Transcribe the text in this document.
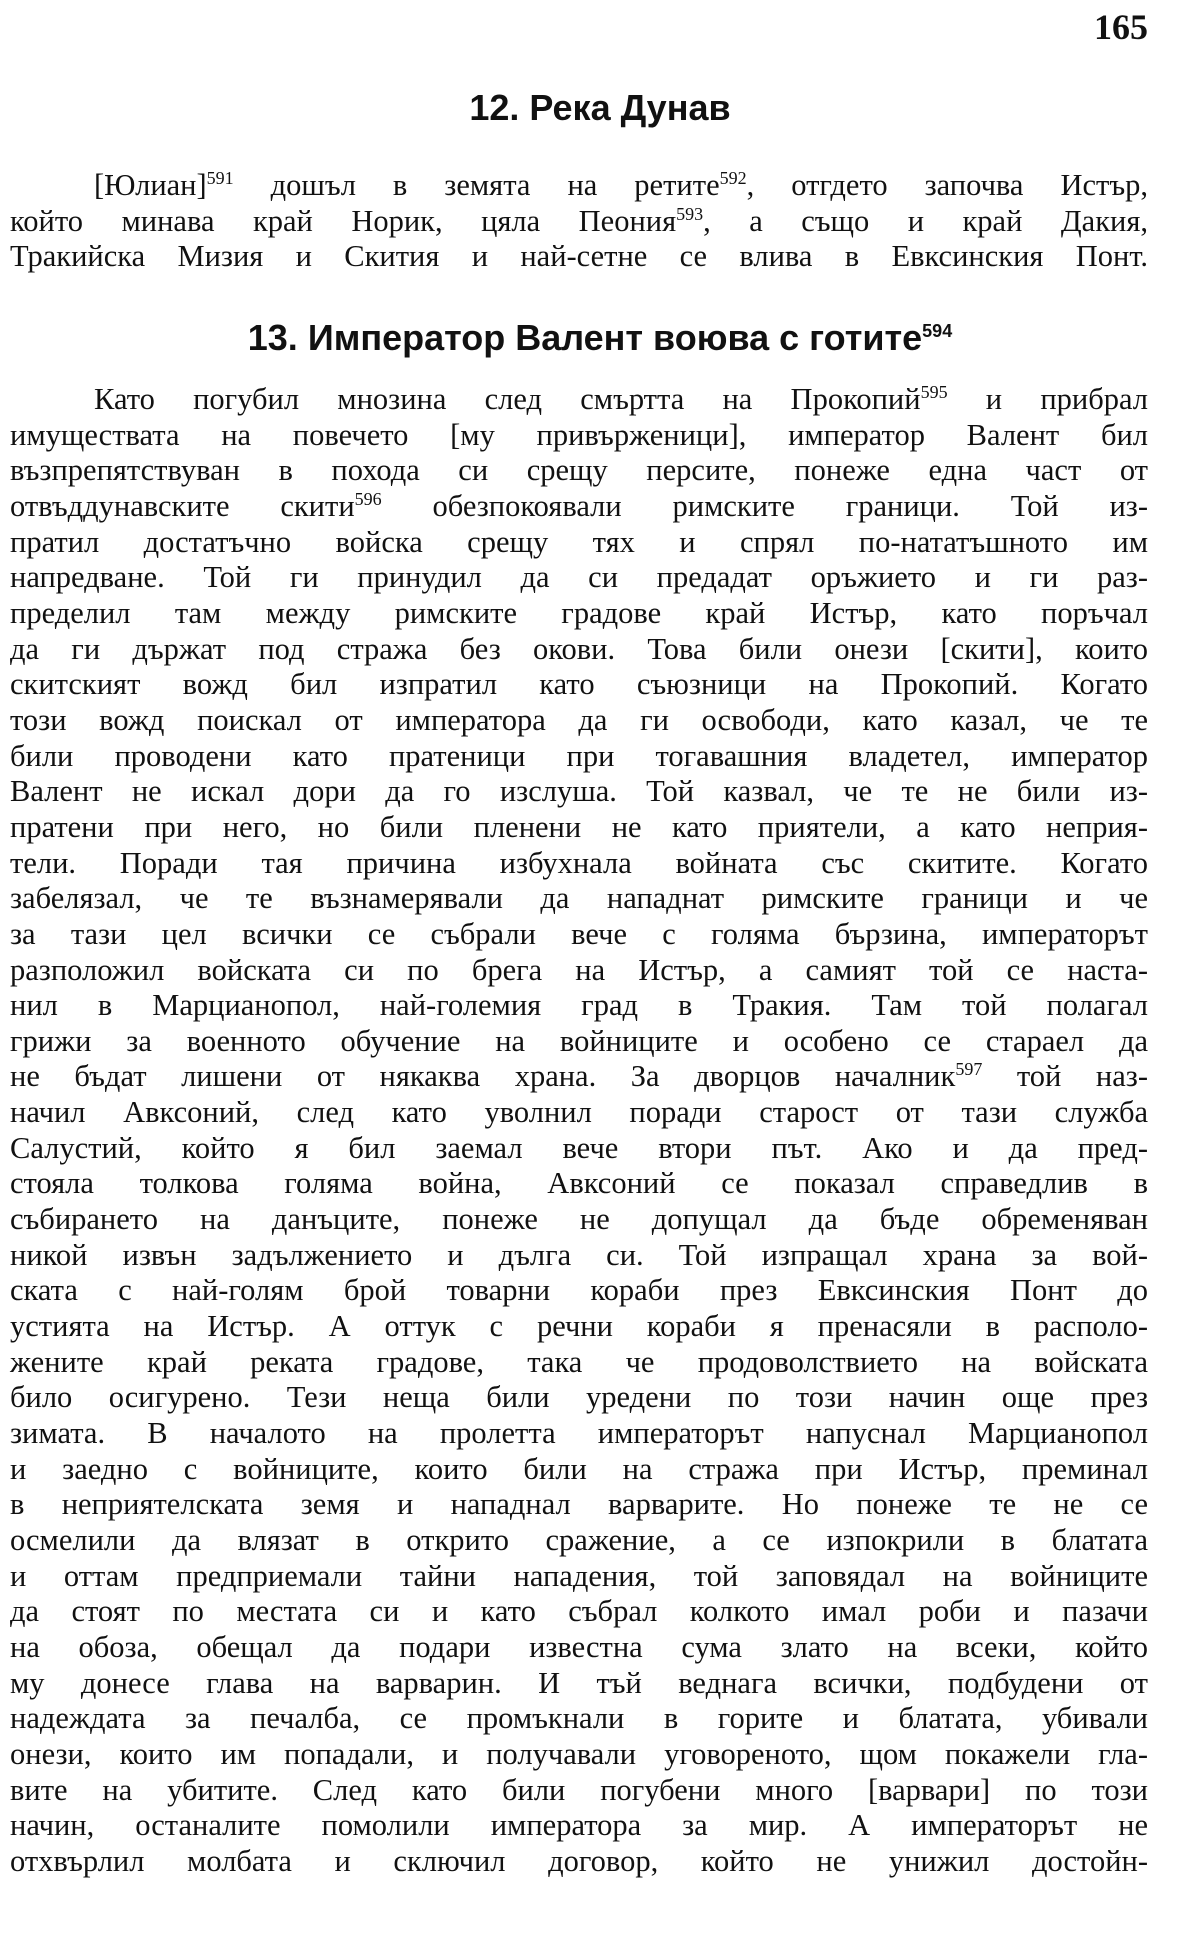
165
12. Река Дунав
[Юлиан]$^{591}$ дошъл в земята на ретите$^{592}$, отгдето започва Истър,
който минава край Норик, цяла Пеония$^{593}$, а също и край Дакия,
Тракийска Мизия и Скития и най-сетне се влива в Евксинския Понт.
13. Император Валент воюва с готите$^{594}$
Като погубил мнозина след смъртта на Прокопий$^{595}$ и прибрал
имуществата на повечето [му привърженици], император Валент бил
възпрепятствуван в похода си срещу персите, понеже една част от
отвъддунавските скити$^{596}$ обезпокоявали римските граници. Той из-
пратил достатъчно войска срещу тях и спрял по-нататъшното им
напредване. Той ги принудил да си предадат оръжието и ги раз-
пределил там между римските градове край Истър, като поръчал
да ги държат под стража без окови. Това били онези [скити], които
скитският вожд бил изпратил като съюзници на Прокопий. Когато
този вожд поискал от императора да ги освободи, като казал, че те
били проводени като пратеници при тогавашния владетел, император
Валент не искал дори да го изслуша. Той казвал, че те не били из-
пратени при него, но били пленени не като приятели, а като неприя-
тели. Поради тая причина избухнала войната със скитите. Когато
забелязал, че те възнамерявали да нападнат римските граници и че
за тази цел всички се събрали вече с голяма бързина, императорът
разположил войската си по брега на Истър, а самият той се наста-
нил в Марцианопол, най-големия град в Тракия. Там той полагал
грижи за военното обучение на войниците и особено се стараел да
не бъдат лишени от някаква храна. За дворцов началник$^{597}$ той наз-
начил Авксоний, след като уволнил поради старост от тази служба
Салустий, който я бил заемал вече втори път. Ако и да пред-
стояла толкова голяма война, Авксоний се показал справедлив в
събирането на данъците, понеже не допущал да бъде обременяван
никой извън задължението и дълга си. Той изпращал храна за вой-
ската с най-голям брой товарни кораби през Евксинския Понт до
устията на Истър. А оттук с речни кораби я пренасяли в располо-
жените край реката градове, така че продоволствието на войската
било осигурено. Тези неща били уредени по този начин още през
зимата. В началото на пролетта императорът напуснал Марцианопол
и заедно с войниците, които били на стража при Истър, преминал
в неприятелската земя и нападнал варварите. Но понеже те не се
осмелили да влязат в открито сражение, а се изпокрили в блатата
и оттам предприемали тайни нападения, той заповядал на войниците
да стоят по местата си и като събрал колкото имал роби и пазачи
на обоза, обещал да подари известна сума злато на всеки, който
му донесе глава на варварин. И тъй веднага всички, подбудени от
надеждата за печалба, се промъкнали в горите и блатата, убивали
онези, които им попадали, и получавали уговореното, щом покажели гла-
вите на убитите. След като били погубени много [варвари] по този
начин, останалите помолили императора за мир. А императорът не
отхвърлил молбата и сключил договор, който не унижил достойн-
